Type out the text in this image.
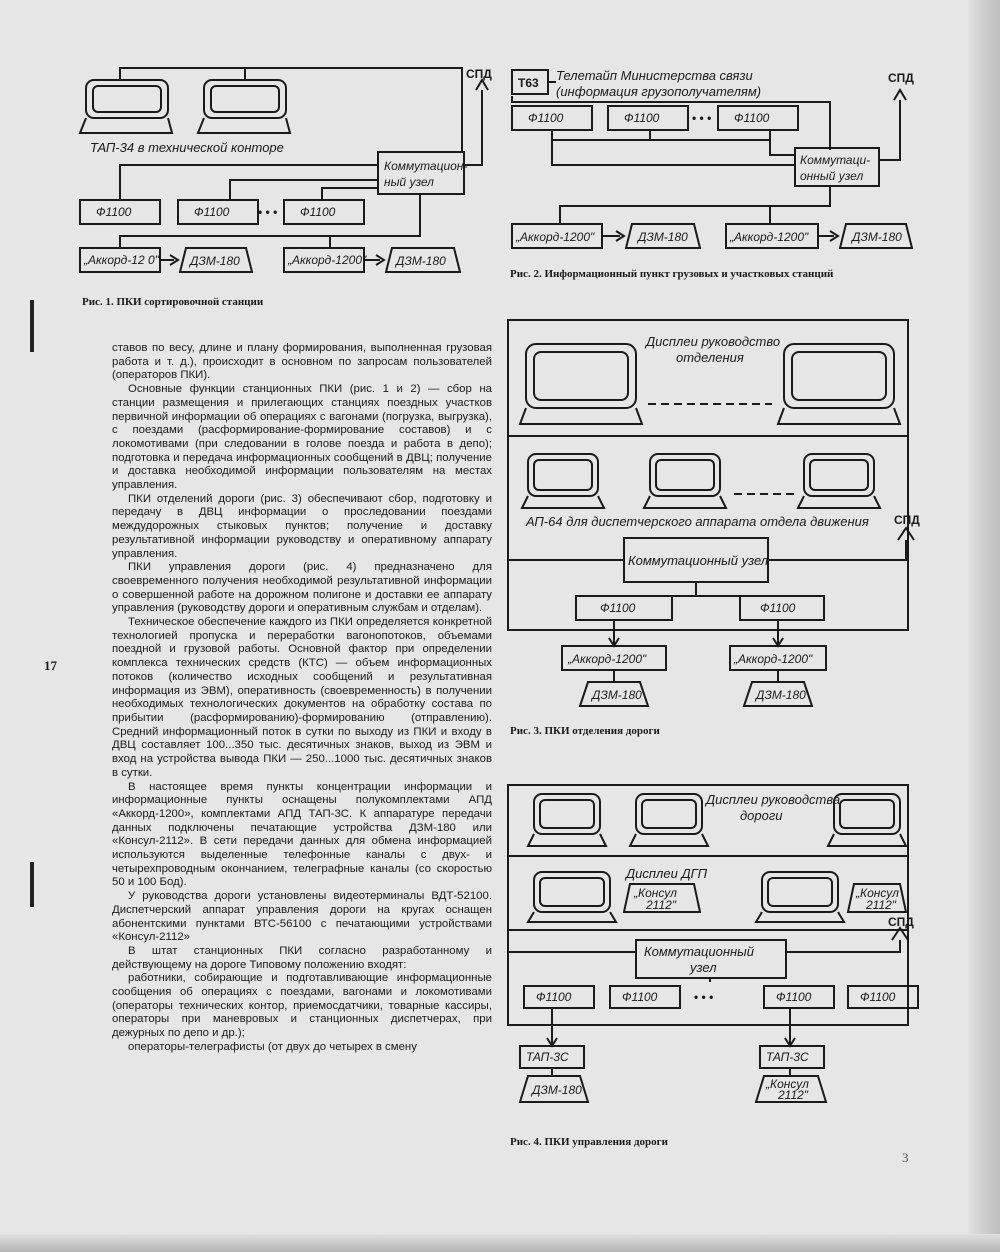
17
ТАП-34 в технической конторе
Коммутацион-
ный узел
СПД
Ф1100	Ф1100 • • • Ф1100
„Аккорд-12 0"	ДЗМ-180	„Аккорд-1200" ДЗМ-180
Рис. 1. ПКИ сортировочной станции
Т63 Телетайп Министерства связи
(информация грузополучателям)
Ф1100	Ф1100	• • • Ф1100
Коммутаци-
онный узел
СПД
„Аккорд-1200"	ДЗМ-180	„Аккорд-1200"	ДЗМ-180
Рис. 2. Информационный пункт грузовых и участковых станций
Дисплеи руководство
отделения
АП-64 для диспетчерского аппарата отдела движения
Коммутационный узел
СПД
Ф1100	Ф1100
„Аккорд-1200"	„Аккорд-1200"
ДЗМ-180	ДЗМ-180
Рис. 3. ПКИ отделения дороги
Дисплеи руководства
дороги
Дисплеи ДГП
„Консул
2112"
„Консул
2112"
Коммутационный
узел
СПД
Ф1100	Ф1100	• • •	Ф1100	Ф1100
ТАП-3С	ТАП-3С
ДЗМ-180	„Консул
2112"
Рис. 4. ПКИ управления дороги

ставов по весу, длине и плану формирования, выполненная грузовая работа и т. д.), происходит в основном по запросам пользователей (операторов ПКИ).

Основные функции станционных ПКИ (рис. 1 и 2) — сбор на станции размещения и прилегающих станциях поездных участков первичной информации об операциях с вагонами (погрузка, выгрузка), с поездами (расформирование-формирование составов) и с локомотивами (при следовании в голове поезда и работа в депо); подготовка и передача информационных сообщений в ДВЦ; получение и доставка необходимой информации пользователям на местах управления.

ПКИ отделений дороги (рис. 3) обеспечивают сбор, подготовку и передачу в ДВЦ информации о проследовании поездами междудорожных стыковых пунктов; получение и доставку результативной информации руководству и оперативному аппарату управления.

ПКИ управления дороги (рис. 4) предназначено для своевременного получения необходимой результативной информации о совершенной работе на дорожном полигоне и доставки ее аппарату управления (руководству дороги и оперативным службам и отделам).

Техническое обеспечение каждого из ПКИ определяется конкретной технологией пропуска и переработки вагонопотоков, объемами поездной и грузовой работы. Основной фактор при определении комплекса технических средств (КТС) — объем информационных потоков (количество исходных сообщений и результативная информация из ЭВМ), оперативность (своевременность) в получении необходимых технологических документов на обработку состава по прибытии (расформированию)-формированию (отправлению). Средний информационный поток в сутки по выходу из ПКИ и входу в ДВЦ составляет 100...350 тыс. десятичных знаков, выход из ЭВМ и вход на устройства вывода ПКИ — 250...1000 тыс. десятичных знаков в сутки.

В настоящее время пункты концентрации информации и информационные пункты оснащены полукомплектами АПД «Аккорд-1200», комплектами АПД ТАП-3С. К аппаратуре передачи данных подключены печатающие устройства ДЗМ-180 или «Консул-2112». В сети передачи данных для обмена информацией используются выделенные телефонные каналы с двух- и четырехпроводным окончанием, телеграфные каналы (со скоростью 50 и 100 Бод).

У руководства дороги установлены видеотерминалы ВДТ-52100. Диспетчерский аппарат управления дороги на кругах оснащен абонентскими пунктами ВТС-56100 с печатающими устройствами «Консул-2112»

В штат станционных ПКИ согласно разработанному и действующему на дороге Типовому положению входят:

работники, собирающие и подготавливающие информационные сообщения об операциях с поездами, вагонами и локомотивами (операторы технических контор, приемосдатчики, товарные кассиры, операторы при маневровых и станционных диспетчерах, при дежурных по депо и др.);

операторы-телеграфисты (от двух до четырех в смену

3
